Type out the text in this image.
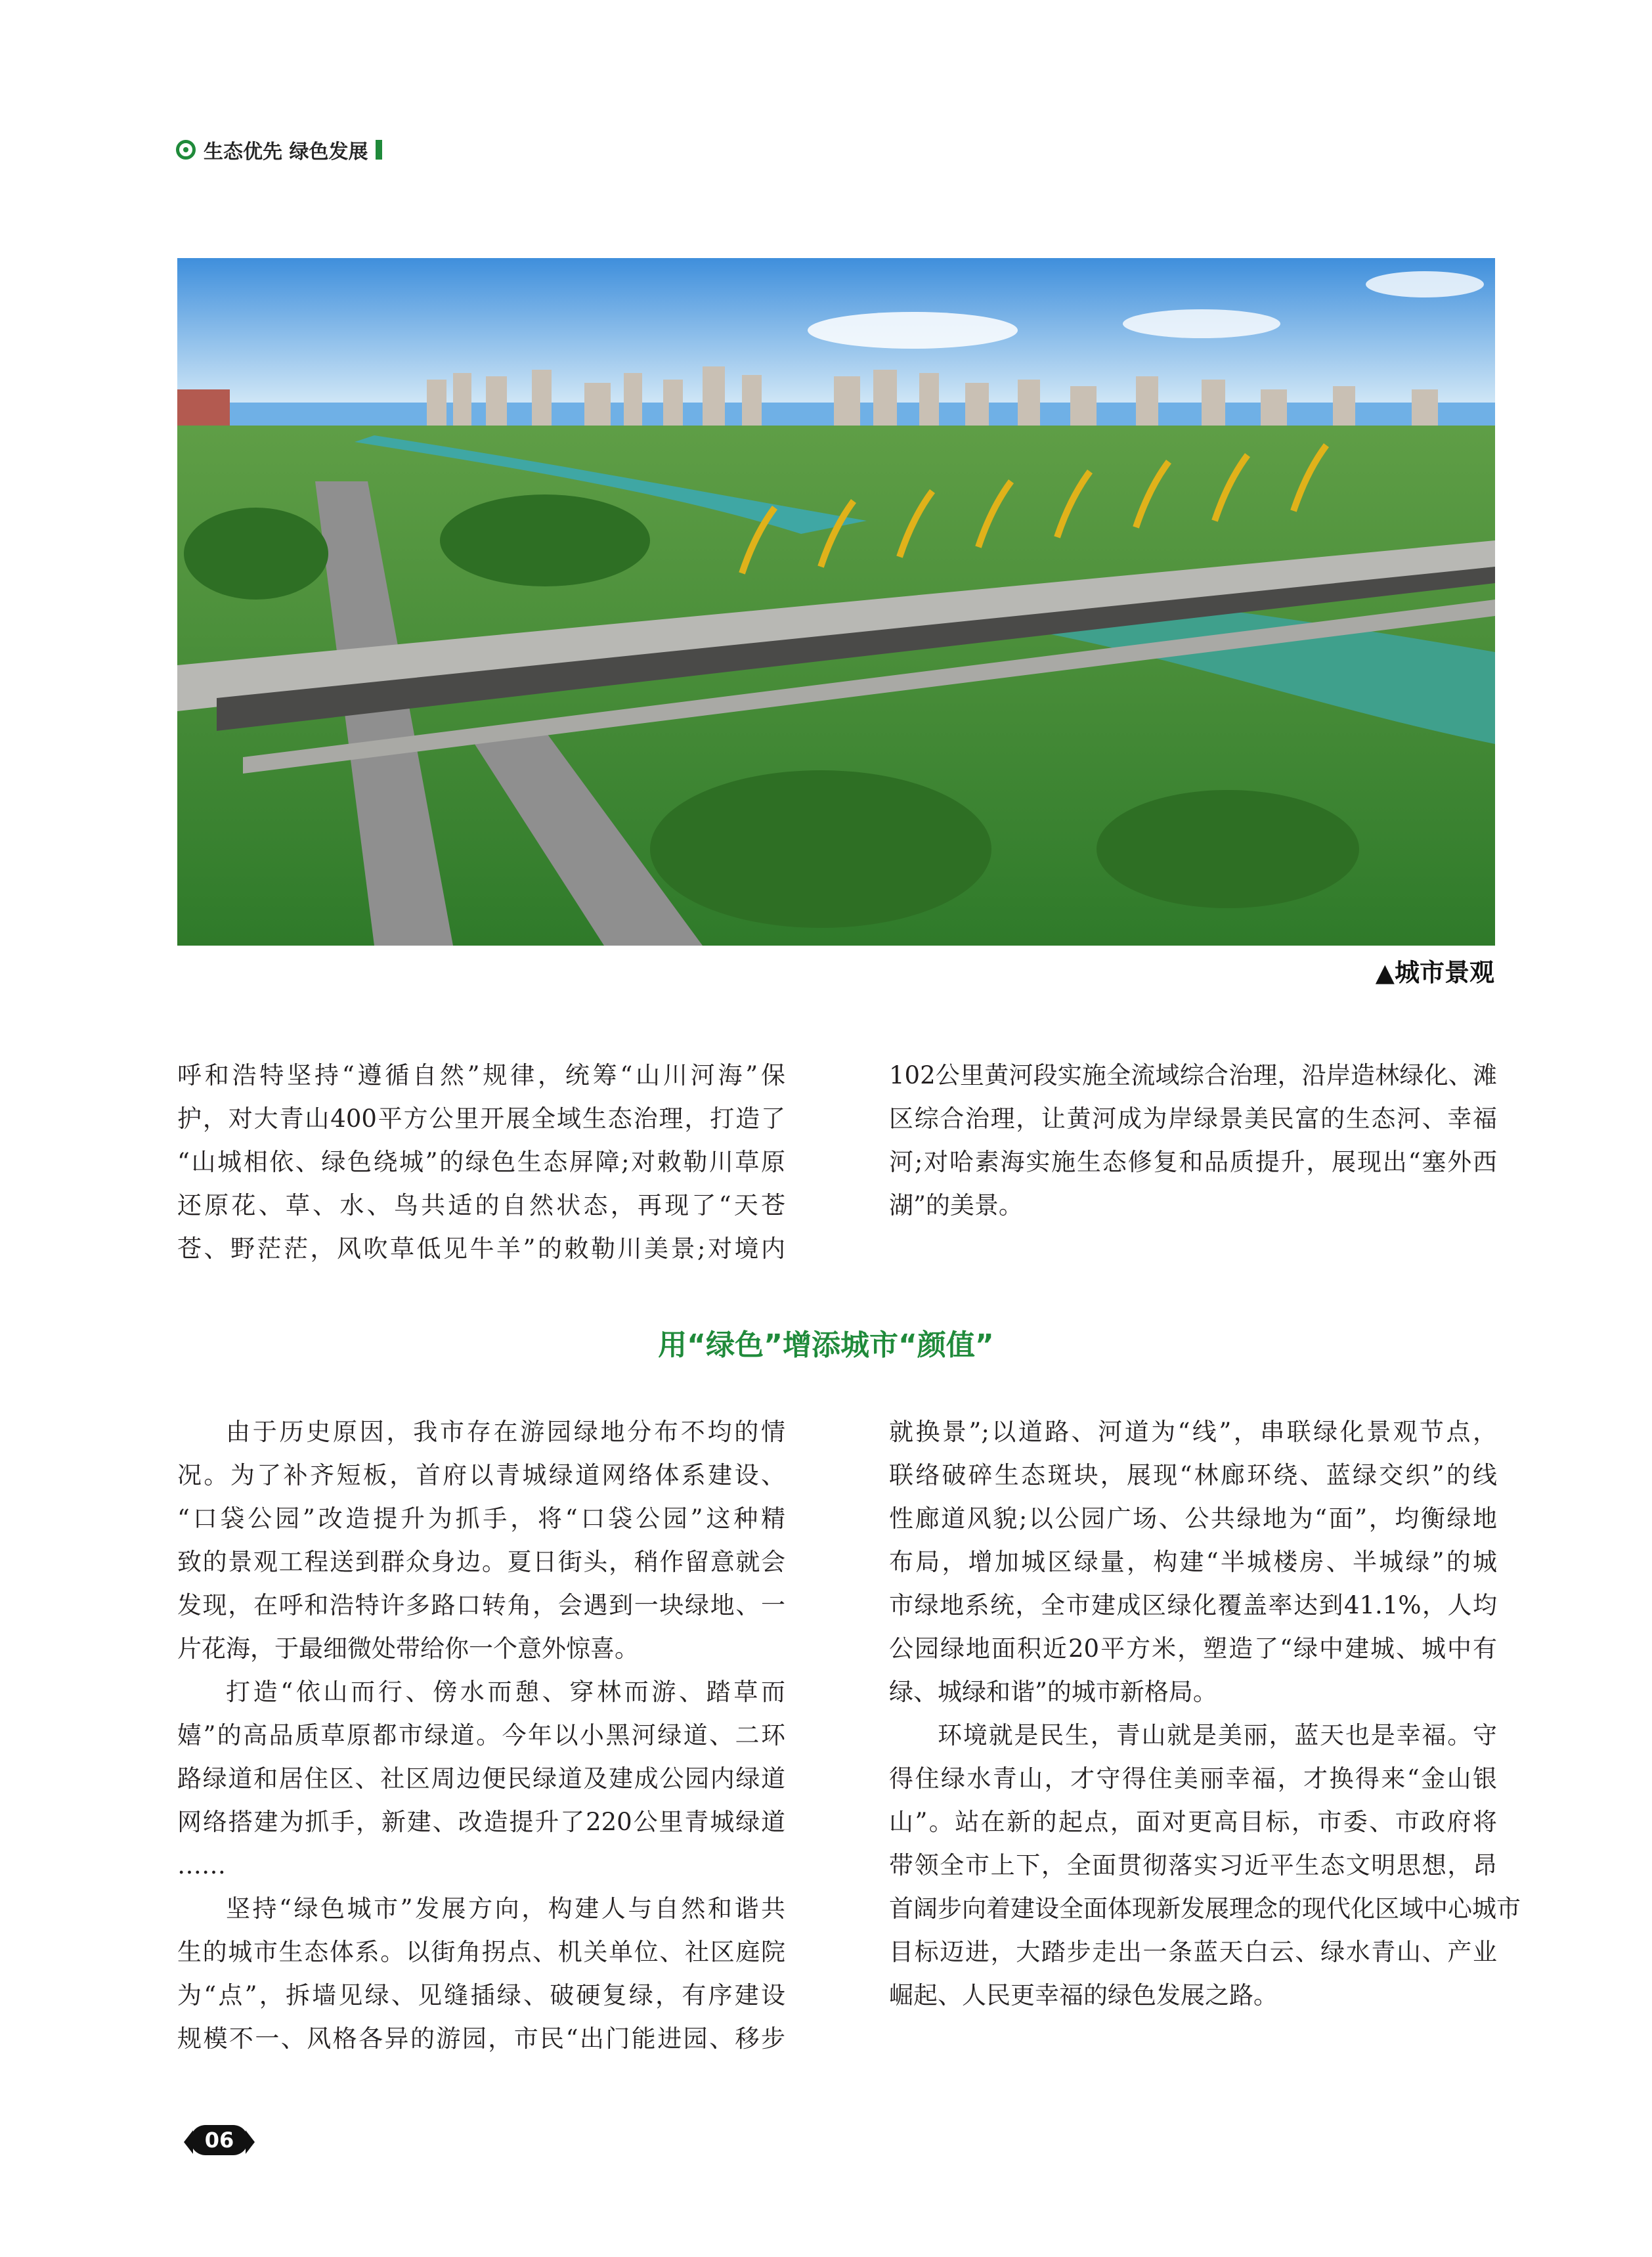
生态优先 绿色发展
▲城市景观

呼和浩特坚持“遵循自然”规律，统筹“山川河海”保
护，对大青山400平方公里开展全域生态治理，打造了
“山城相依、绿色绕城”的绿色生态屏障;对敕勒川草原
还原花、草、水、鸟共适的自然状态，再现了“天苍
苍、野茫茫，风吹草低见牛羊”的敕勒川美景;对境内

102公里黄河段实施全流域综合治理，沿岸造林绿化、滩
区综合治理，让黄河成为岸绿景美民富的生态河、幸福
河;对哈素海实施生态修复和品质提升，展现出“塞外西
湖”的美景。

用“绿色”增添城市“颜值”

由于历史原因，我市存在游园绿地分布不均的情
况。为了补齐短板，首府以青城绿道网络体系建设、
“口袋公园”改造提升为抓手，将“口袋公园”这种精
致的景观工程送到群众身边。夏日街头，稍作留意就会
发现，在呼和浩特许多路口转角，会遇到一块绿地、一
片花海，于最细微处带给你一个意外惊喜。
打造“依山而行、傍水而憩、穿林而游、踏草而
嬉”的高品质草原都市绿道。今年以小黑河绿道、二环
路绿道和居住区、社区周边便民绿道及建成公园内绿道
网络搭建为抓手，新建、改造提升了220公里青城绿道
……
坚持“绿色城市”发展方向，构建人与自然和谐共
生的城市生态体系。以街角拐点、机关单位、社区庭院
为“点”，拆墙见绿、见缝插绿、破硬复绿，有序建设
规模不一、风格各异的游园，市民“出门能进园、移步

就换景”;以道路、河道为“线”，串联绿化景观节点，
联络破碎生态斑块，展现“林廊环绕、蓝绿交织”的线
性廊道风貌;以公园广场、公共绿地为“面”，均衡绿地
布局，增加城区绿量，构建“半城楼房、半城绿”的城
市绿地系统，全市建成区绿化覆盖率达到41.1%，人均
公园绿地面积近20平方米，塑造了“绿中建城、城中有
绿、城绿和谐”的城市新格局。
环境就是民生，青山就是美丽，蓝天也是幸福。守
得住绿水青山，才守得住美丽幸福，才换得来“金山银
山”。站在新的起点，面对更高目标，市委、市政府将
带领全市上下，全面贯彻落实习近平生态文明思想，昂
首阔步向着建设全面体现新发展理念的现代化区域中心城市
目标迈进，大踏步走出一条蓝天白云、绿水青山、产业
崛起、人民更幸福的绿色发展之路。

06
